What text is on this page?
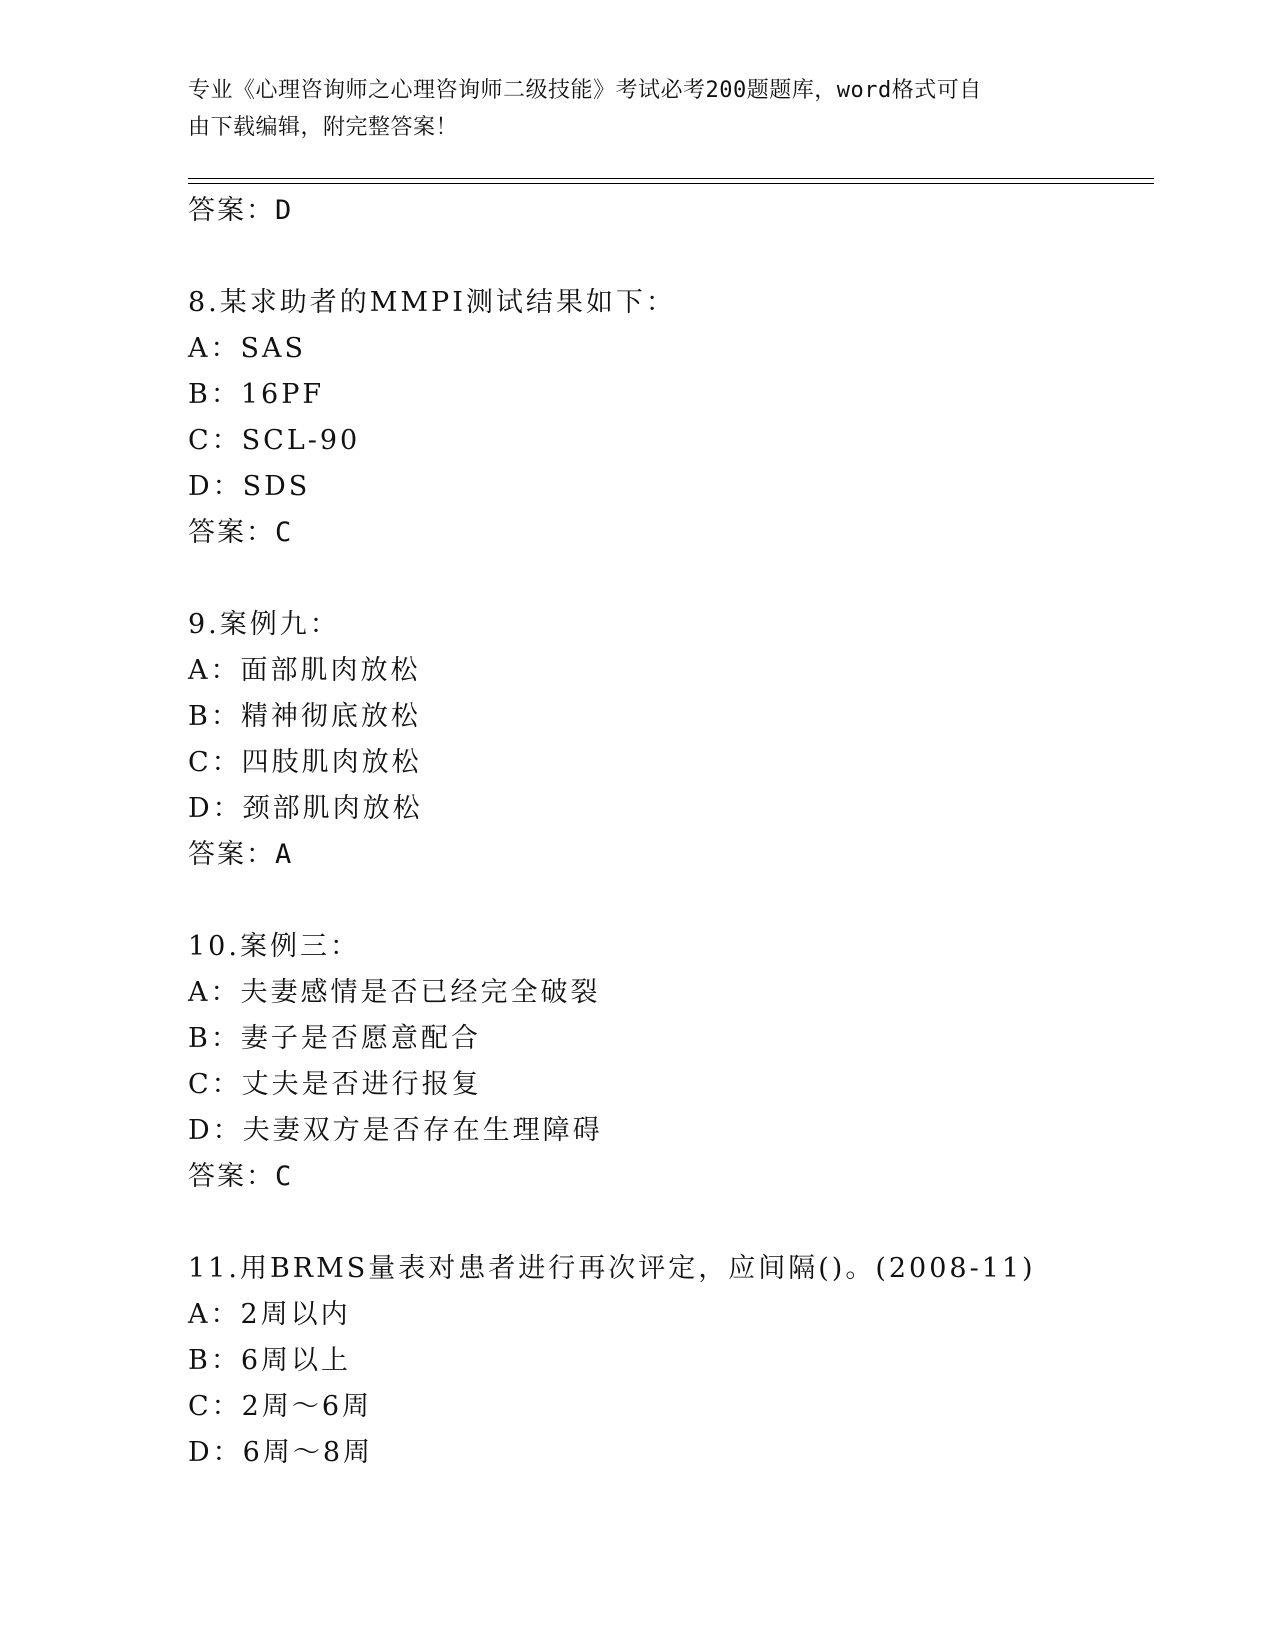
专业《心理咨询师之心理咨询师二级技能》考试必考200题题库，word格式可自
由下载编辑，附完整答案！
答案：D
8.某求助者的MMPI测试结果如下：
A：SAS
B：16PF
C：SCL-90
D：SDS
答案：C
9.案例九：
A：面部肌肉放松
B：精神彻底放松
C：四肢肌肉放松
D：颈部肌肉放松
答案：A
10.案例三：
A：夫妻感情是否已经完全破裂
B：妻子是否愿意配合
C：丈夫是否进行报复
D：夫妻双方是否存在生理障碍
答案：C
11.用BRMS量表对患者进行再次评定，应间隔()。(2008-11)
A：2周以内
B：6周以上
C：2周～6周
D：6周～8周
